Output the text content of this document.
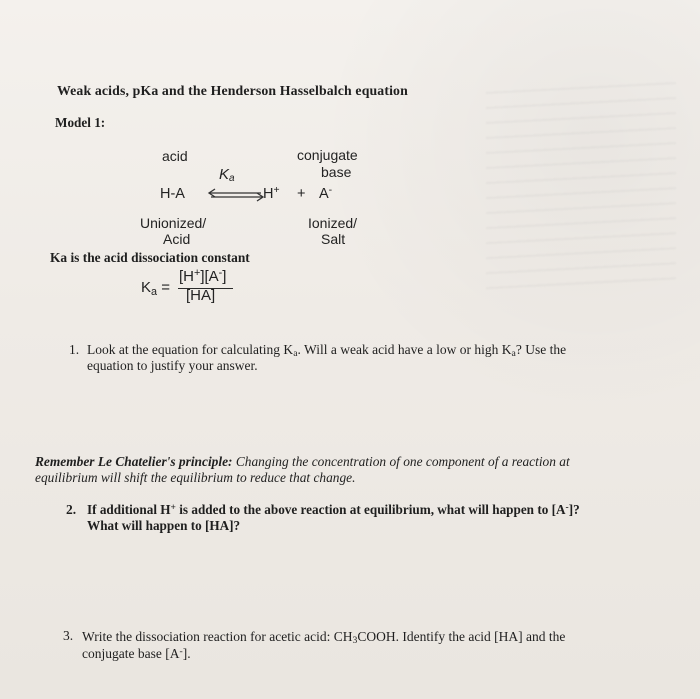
Weak acids, pKa and the Henderson Hasselbalch equation
Model 1:
acid	conjugate
base
$K_a$
H-A ⇌
H+ + A-
Unionized/
Acid
Ionized/
Salt
Ka is the acid dissociation constant
Ka =
[H+][A-]
[HA]
1. Look at the equation for calculating Ka. Will a weak acid have a low or high Ka? Use the equation to justify your answer.
Remember Le Chatelier's principle: Changing the concentration of one component of a reaction at equilibrium will shift the equilibrium to reduce that change.
2. If additional H+ is added to the above reaction at equilibrium, what will happen to [A-]? What will happen to [HA]?
3. Write the dissociation reaction for acetic acid: CH3COOH. Identify the acid [HA] and the conjugate base [A-].
